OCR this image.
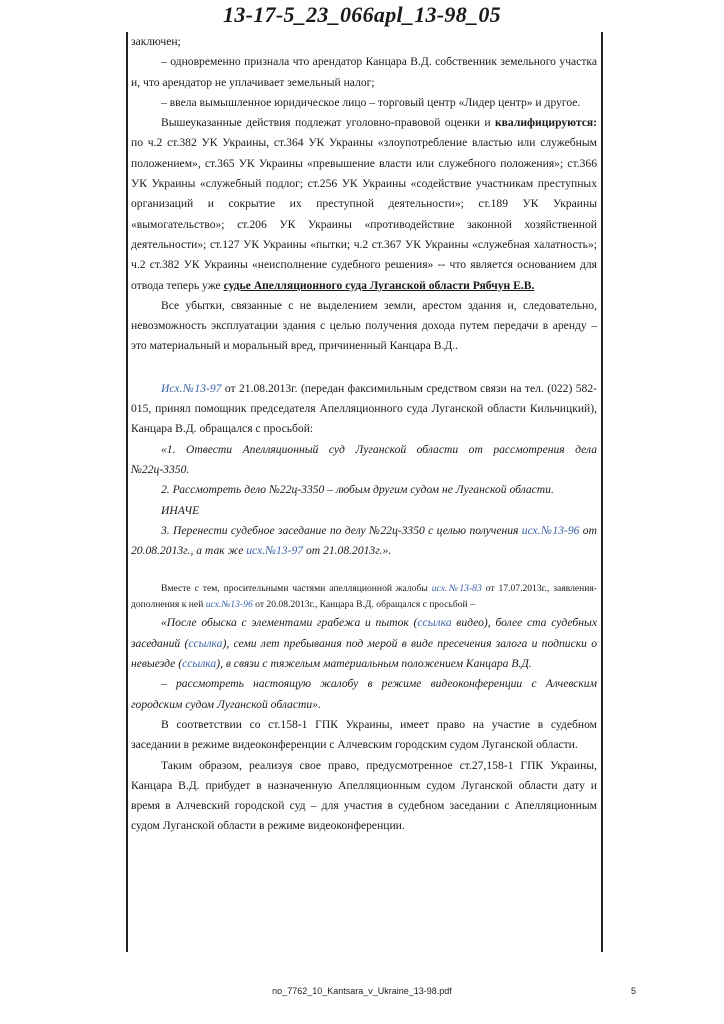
13-17-5_23_066apl_13-98_05

заключен;

– одновременно признала что арендатор Канцара В.Д. собственник земельного участка и, что арендатор не уплачивает земельный налог;

– ввела вымышленное юридическое лицо – торговый центр «Лидер центр» и другое.

Вышеуказанные действия подлежат уголовно-правовой оценки и квалифицируются: по ч.2 ст.382 УК Украины, ст.364 УК Украины «злоупотребление властью или служебным положением», ст.365 УК Украины «превышение власти или служебного положения»; ст.366 УК Украины «служебный подлог; ст.256 УК Украины «содействие участникам преступных организаций и сокрытие их преступной деятельности»; ст.189 УК Украины «вымогательство»; ст.206 УК Украины «противодействие законной хозяйственной деятельности»; ст.127 УК Украины «пытки; ч.2 ст.367 УК Украины «служебная халатность»; ч.2 ст.382 УК Украины «неисполнение судебного решения» -- что является основанием для отвода теперь уже судье Апелляционного суда Луганской области Рябчун Е.В.

Все убытки, связанные с не выделением земли, арестом здания и, следовательно, невозможность эксплуатации здания с целью получения дохода путем передачи в аренду – это материальный и моральный вред, причиненный Канцара В.Д..

Исх.№13-97 от 21.08.2013г. (передан факсимильным средством связи на тел. (022) 582-015, принял помощник председателя Апелляционного суда Луганской области Кильчицкий), Канцара В.Д. обращался с просьбой:

«1. Отвести Апелляционный суд Луганской области от рассмотрения дела №22ц-3350.

2. Рассмотреть дело №22ц-3350 – любым другим судом не Луганской области.

ИНАЧЕ

3. Перенести судебное заседание по делу №22ц-3350 с целью получения исх.№13-96 от 20.08.2013г., а так же исх.№13-97 от 21.08.2013г.».

Вместе с тем, просительными частями апелляционной жалобы исх.№13-83 от 17.07.2013г., заявления-дополнения к ней исх.№13-96 от 20.08.2013г., Канцара В.Д. обращался с просьбой –

«После обыска с элементами грабежа и пыток (ссылка видео), более ста судебных заседаний (ссылка), семи лет пребывания под мерой в виде пресечения залога и подписки о невыезде (ссылка), в связи с тяжелым материальным положением Канцара В.Д.

– рассмотреть настоящую жалобу в режиме видеоконференции с Алчевским городским судом Луганской области».

В соответствии со ст.158-1 ГПК Украины, имеет право на участие в судебном заседании в режиме видеоконференции с Алчевским городским судом Луганской области.

Таким образом, реализуя свое право, предусмотренное ст.27,158-1 ГПК Украины, Канцара В.Д. прибудет в назначенную Апелляционным судом Луганской области дату и время в Алчевский городской суд – для участия в судебном заседании с Апелляционным судом Луганской области в режиме видеоконференции.

no_7762_10_Kantsara_v_Ukraine_13-98.pdf	5
